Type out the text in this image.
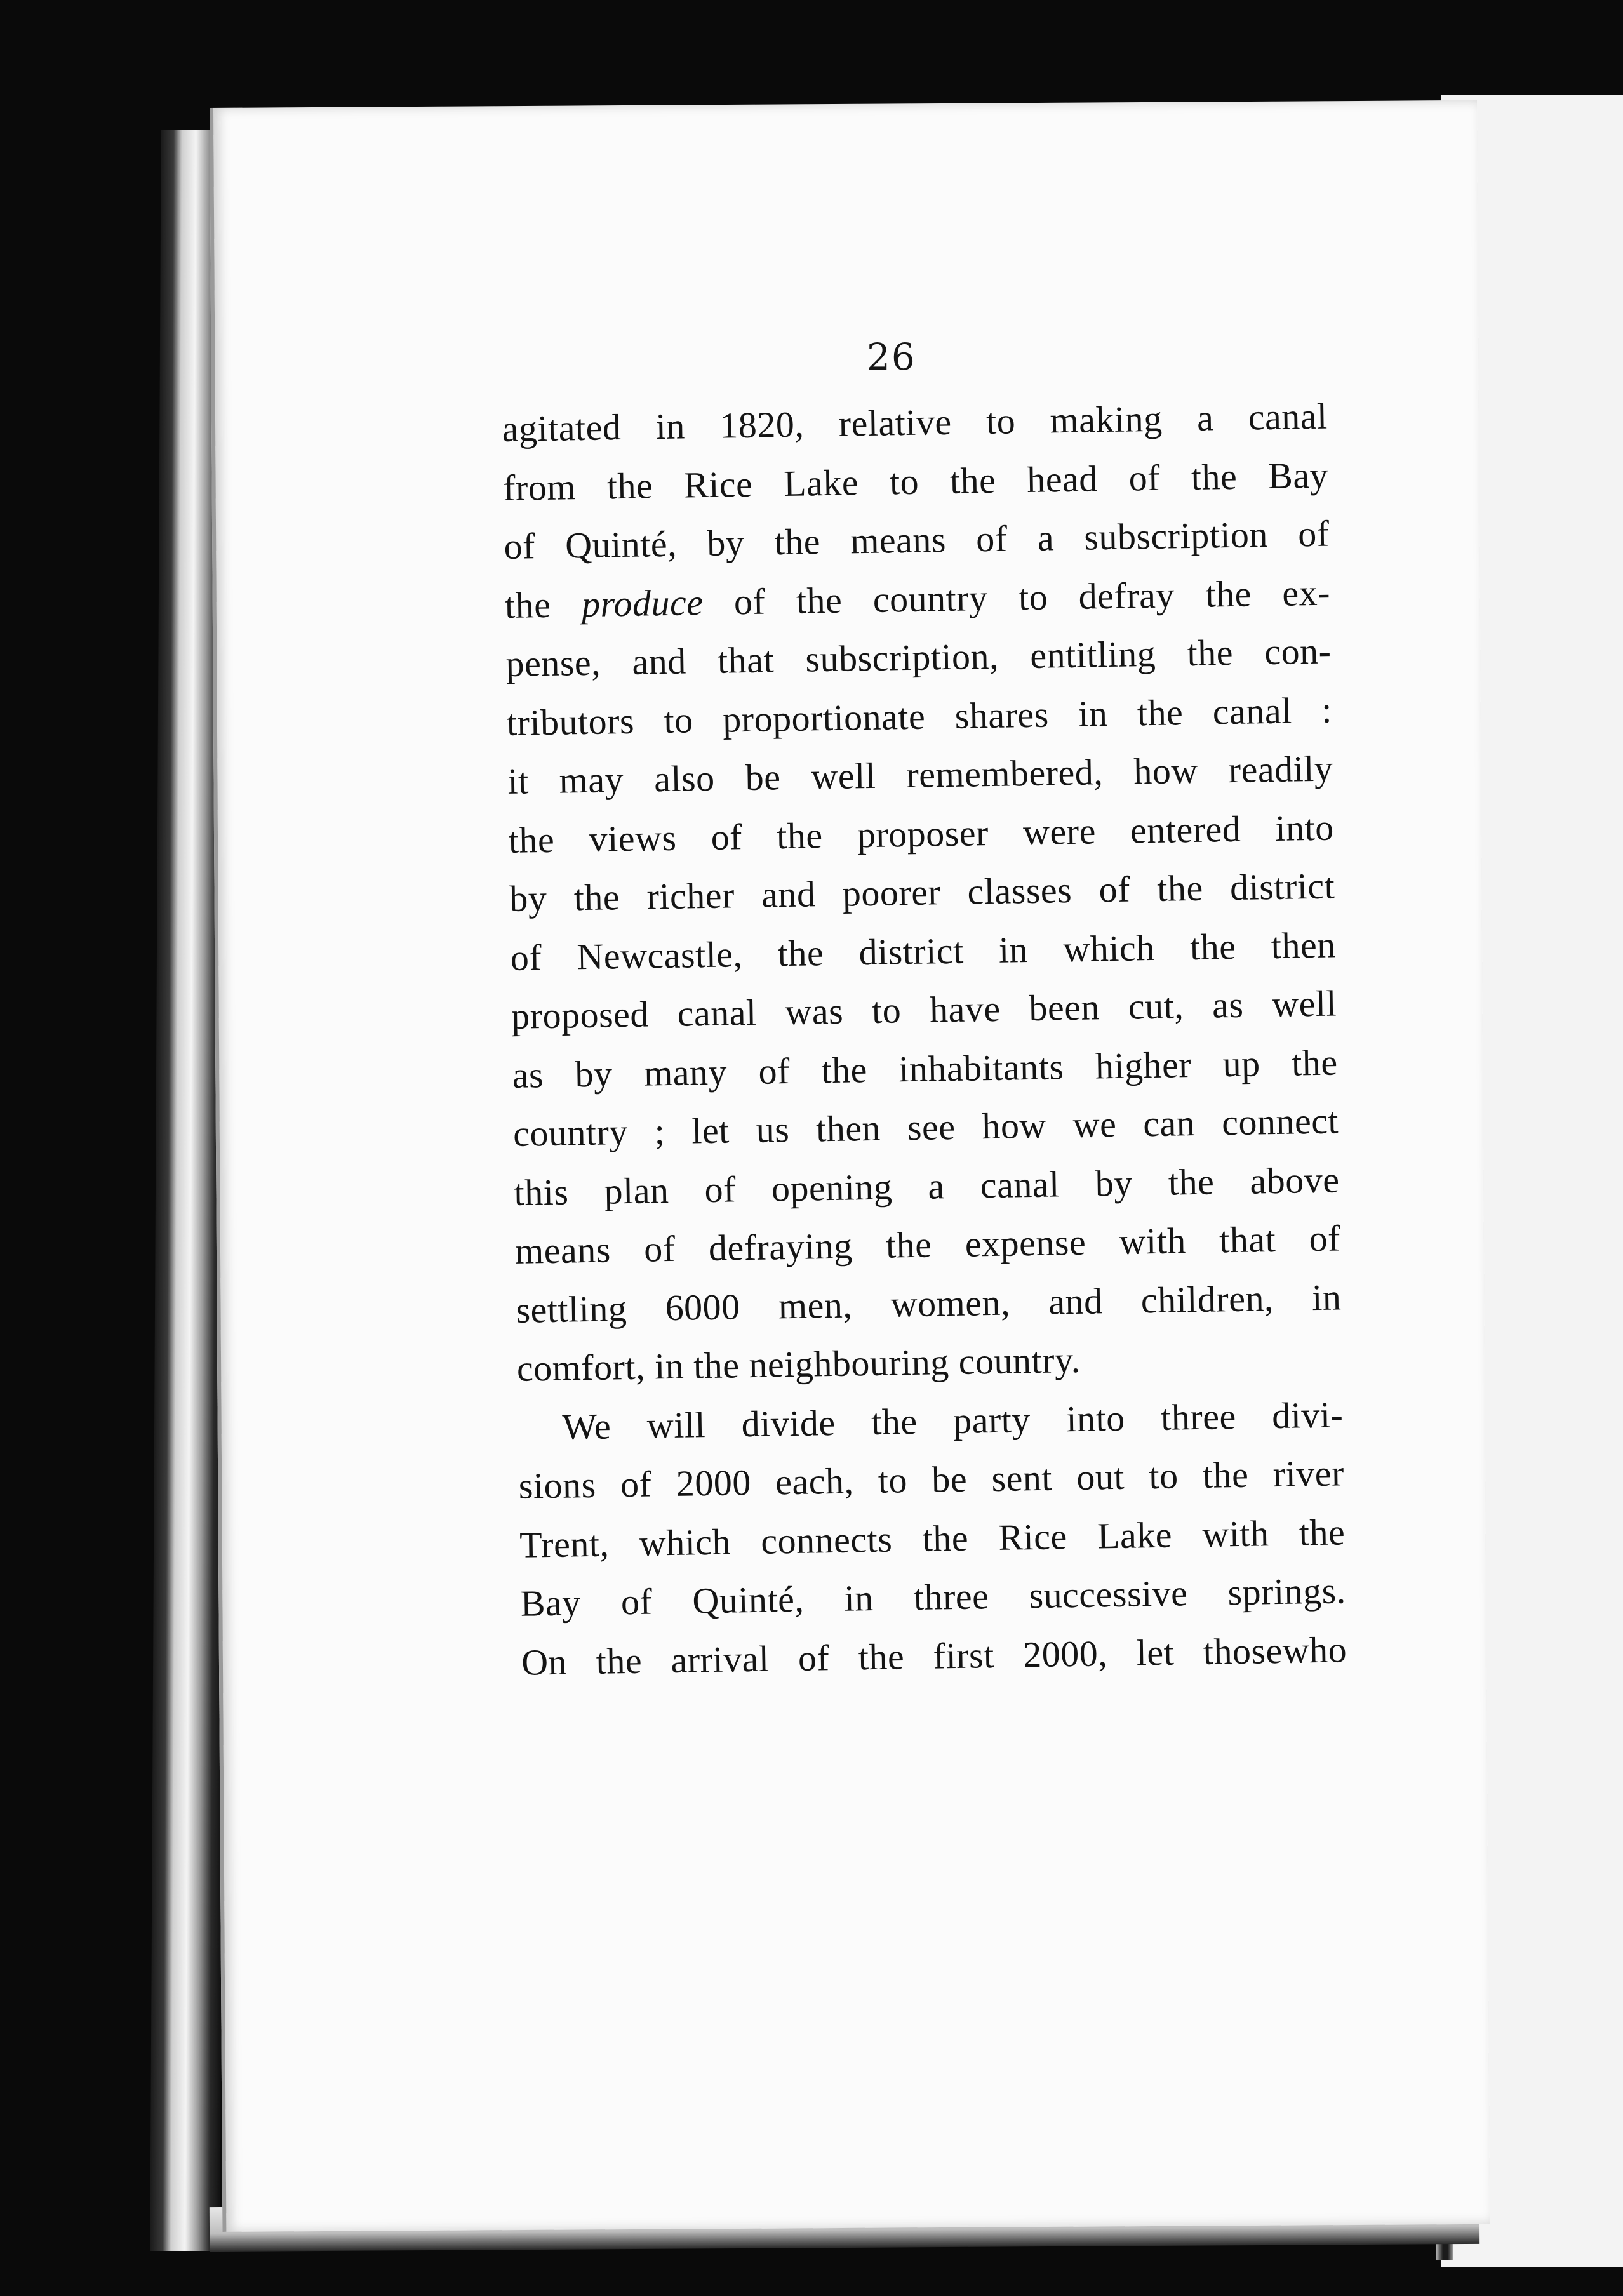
26
agitated in 1820, relative to making a canal
from the Rice Lake to the head of the Bay
of Quinté, by the means of a subscription of
the produce of the country to defray the ex-
pense, and that subscription, entitling the con-
tributors to proportionate shares in the canal :
it may also be well remembered, how readily
the views of the proposer were entered into
by the richer and poorer classes of the district
of Newcastle, the district in which the then
proposed canal was to have been cut, as well
as by many of the inhabitants higher up the
country ; let us then see how we can connect
this plan of opening a canal by the above
means of defraying the expense with that of
settling 6000 men, women, and children, in
comfort, in the neighbouring country.
We will divide the party into three divi-
sions of 2000 each, to be sent out to the river
Trent, which connects the Rice Lake with the
Bay of Quinté, in three successive springs.
On the arrival of the first 2000, let thosewho
